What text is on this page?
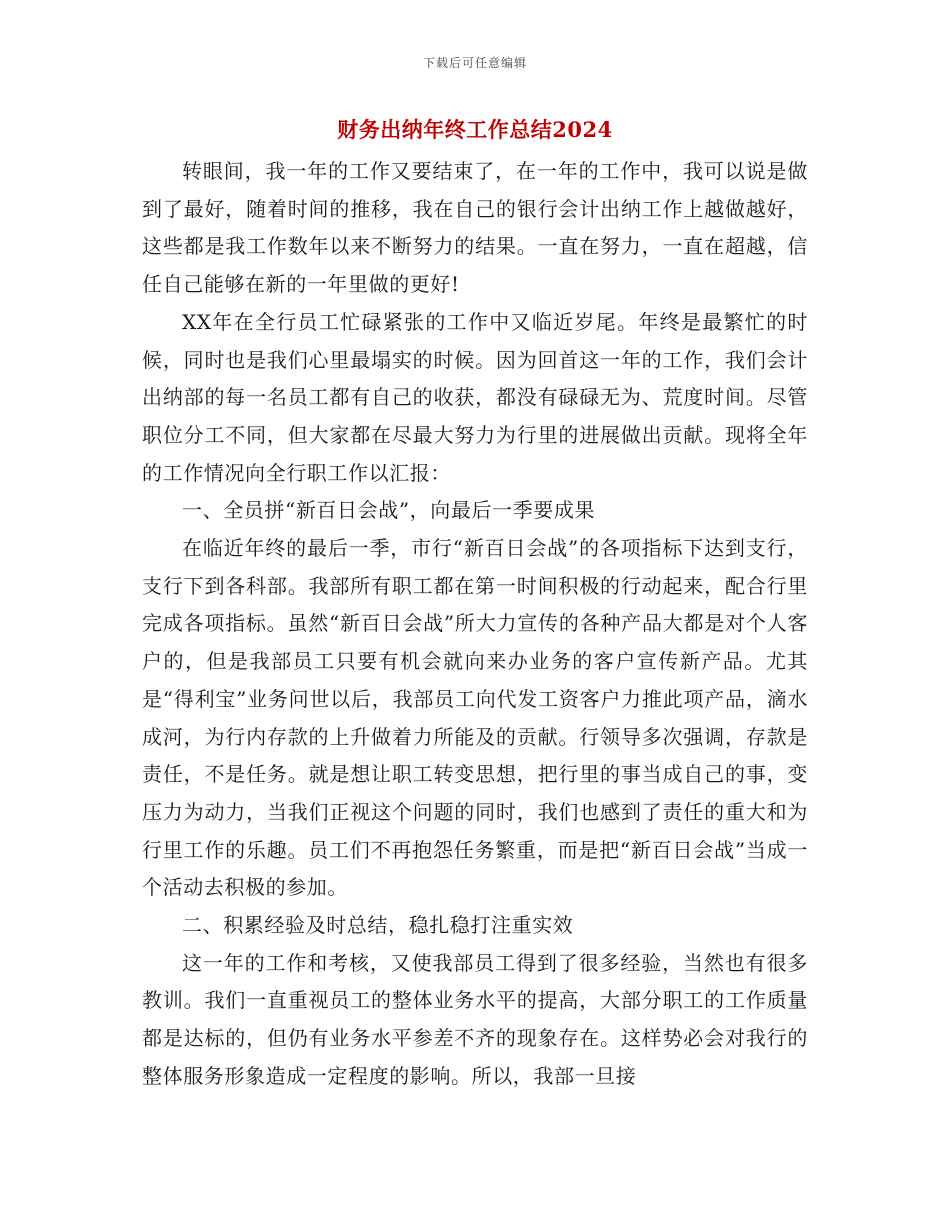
下载后可任意编辑
财务出纳年终工作总结2024

转眼间，我一年的工作又要结束了，在一年的工作中，我可以说是做到了最好，随着时间的推移，我在自己的银行会计出纳工作上越做越好，这些都是我工作数年以来不断努力的结果。一直在努力，一直在超越，信任自己能够在新的一年里做的更好!

XX年在全行员工忙碌紧张的工作中又临近岁尾。年终是最繁忙的时候，同时也是我们心里最塌实的时候。因为回首这一年的工作，我们会计出纳部的每一名员工都有自己的收获，都没有碌碌无为、荒度时间。尽管职位分工不同，但大家都在尽最大努力为行里的进展做出贡献。现将全年的工作情况向全行职工作以汇报：

一、全员拼“新百日会战”，向最后一季要成果

在临近年终的最后一季，市行“新百日会战”的各项指标下达到支行，支行下到各科部。我部所有职工都在第一时间积极的行动起来，配合行里完成各项指标。虽然“新百日会战”所大力宣传的各种产品大都是对个人客户的，但是我部员工只要有机会就向来办业务的客户宣传新产品。尤其是“得利宝”业务问世以后，我部员工向代发工资客户力推此项产品，滴水成河，为行内存款的上升做着力所能及的贡献。行领导多次强调，存款是责任，不是任务。就是想让职工转变思想，把行里的事当成自己的事，变压力为动力，当我们正视这个问题的同时，我们也感到了责任的重大和为行里工作的乐趣。员工们不再抱怨任务繁重，而是把“新百日会战”当成一个活动去积极的参加。

二、积累经验及时总结，稳扎稳打注重实效

这一年的工作和考核，又使我部员工得到了很多经验，当然也有很多教训。我们一直重视员工的整体业务水平的提高，大部分职工的工作质量都是达标的，但仍有业务水平参差不齐的现象存在。这样势必会对我行的整体服务形象造成一定程度的影响。所以，我部一旦接
